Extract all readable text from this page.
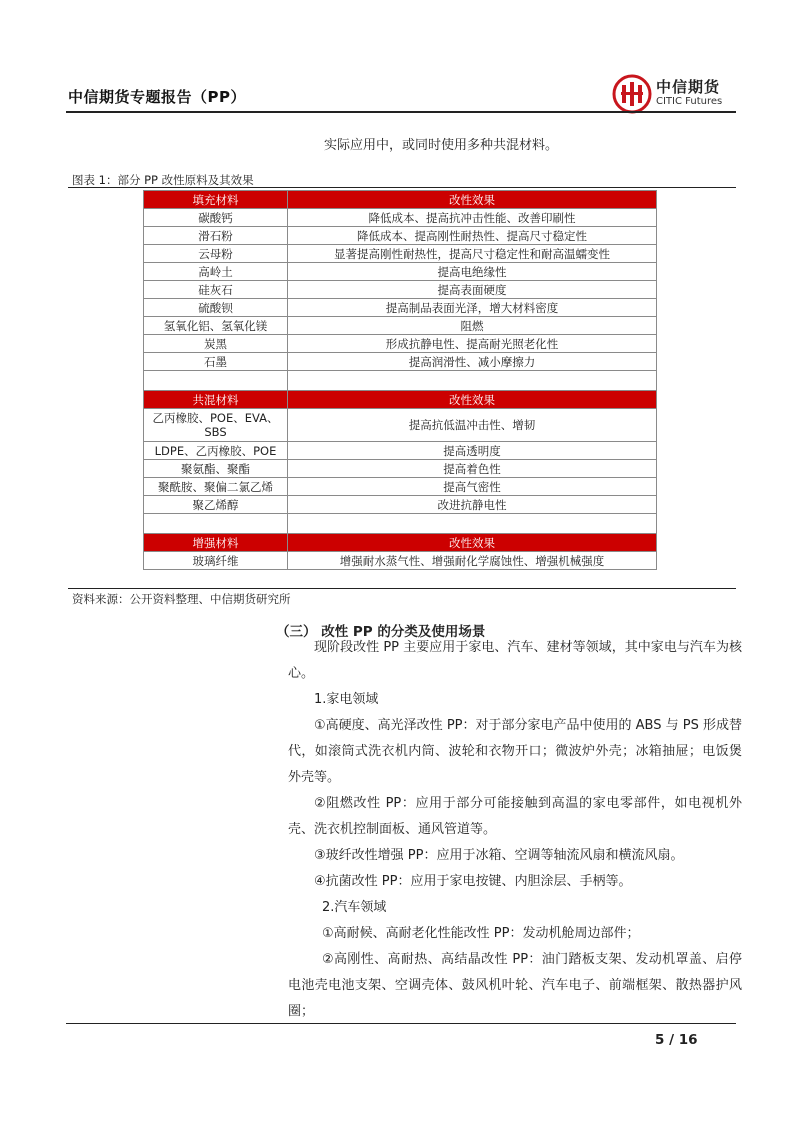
中信期货专题报告（PP）
中信期货
CITIC Futures
实际应用中，或同时使用多种共混材料。
图表 1：部分 PP 改性原料及其效果
填充材料	改性效果
碳酸钙	降低成本、提高抗冲击性能、改善印刷性
滑石粉	降低成本、提高刚性耐热性、提高尺寸稳定性
云母粉	显著提高刚性耐热性，提高尺寸稳定性和耐高温蠕变性
高岭土	提高电绝缘性
硅灰石	提高表面硬度
硫酸钡	提高制品表面光泽，增大材料密度
氢氧化铝、氢氧化镁	阻燃
炭黑	形成抗静电性、提高耐光照老化性
石墨	提高润滑性、减小摩擦力

共混材料	改性效果
乙丙橡胶、POE、EVA、SBS	提高抗低温冲击性、增韧
LDPE、乙丙橡胶、POE	提高透明度
聚氨酯、聚酯	提高着色性
聚酰胺、聚偏二氯乙烯	提高气密性
聚乙烯醇	改进抗静电性

增强材料	改性效果
玻璃纤维	增强耐水蒸气性、增强耐化学腐蚀性、增强机械强度
资料来源：公开资料整理、中信期货研究所
（三） 改性 PP 的分类及使用场景
现阶段改性 PP 主要应用于家电、汽车、建材等领域，其中家电与汽车为核心。
1.家电领域
①高硬度、高光泽改性 PP：对于部分家电产品中使用的 ABS 与 PS 形成替代，如滚筒式洗衣机内筒、波轮和衣物开口；微波炉外壳；冰箱抽屉；电饭煲外壳等。
②阻燃改性 PP：应用于部分可能接触到高温的家电零部件，如电视机外壳、洗衣机控制面板、通风管道等。
③玻纤改性增强 PP：应用于冰箱、空调等轴流风扇和横流风扇。
④抗菌改性 PP：应用于家电按键、内胆涂层、手柄等。
2.汽车领域
①高耐候、高耐老化性能改性 PP：发动机舱周边部件；
②高刚性、高耐热、高结晶改性 PP：油门踏板支架、发动机罩盖、启停电池壳电池支架、空调壳体、鼓风机叶轮、汽车电子、前端框架、散热器护风圈；
5 / 16
